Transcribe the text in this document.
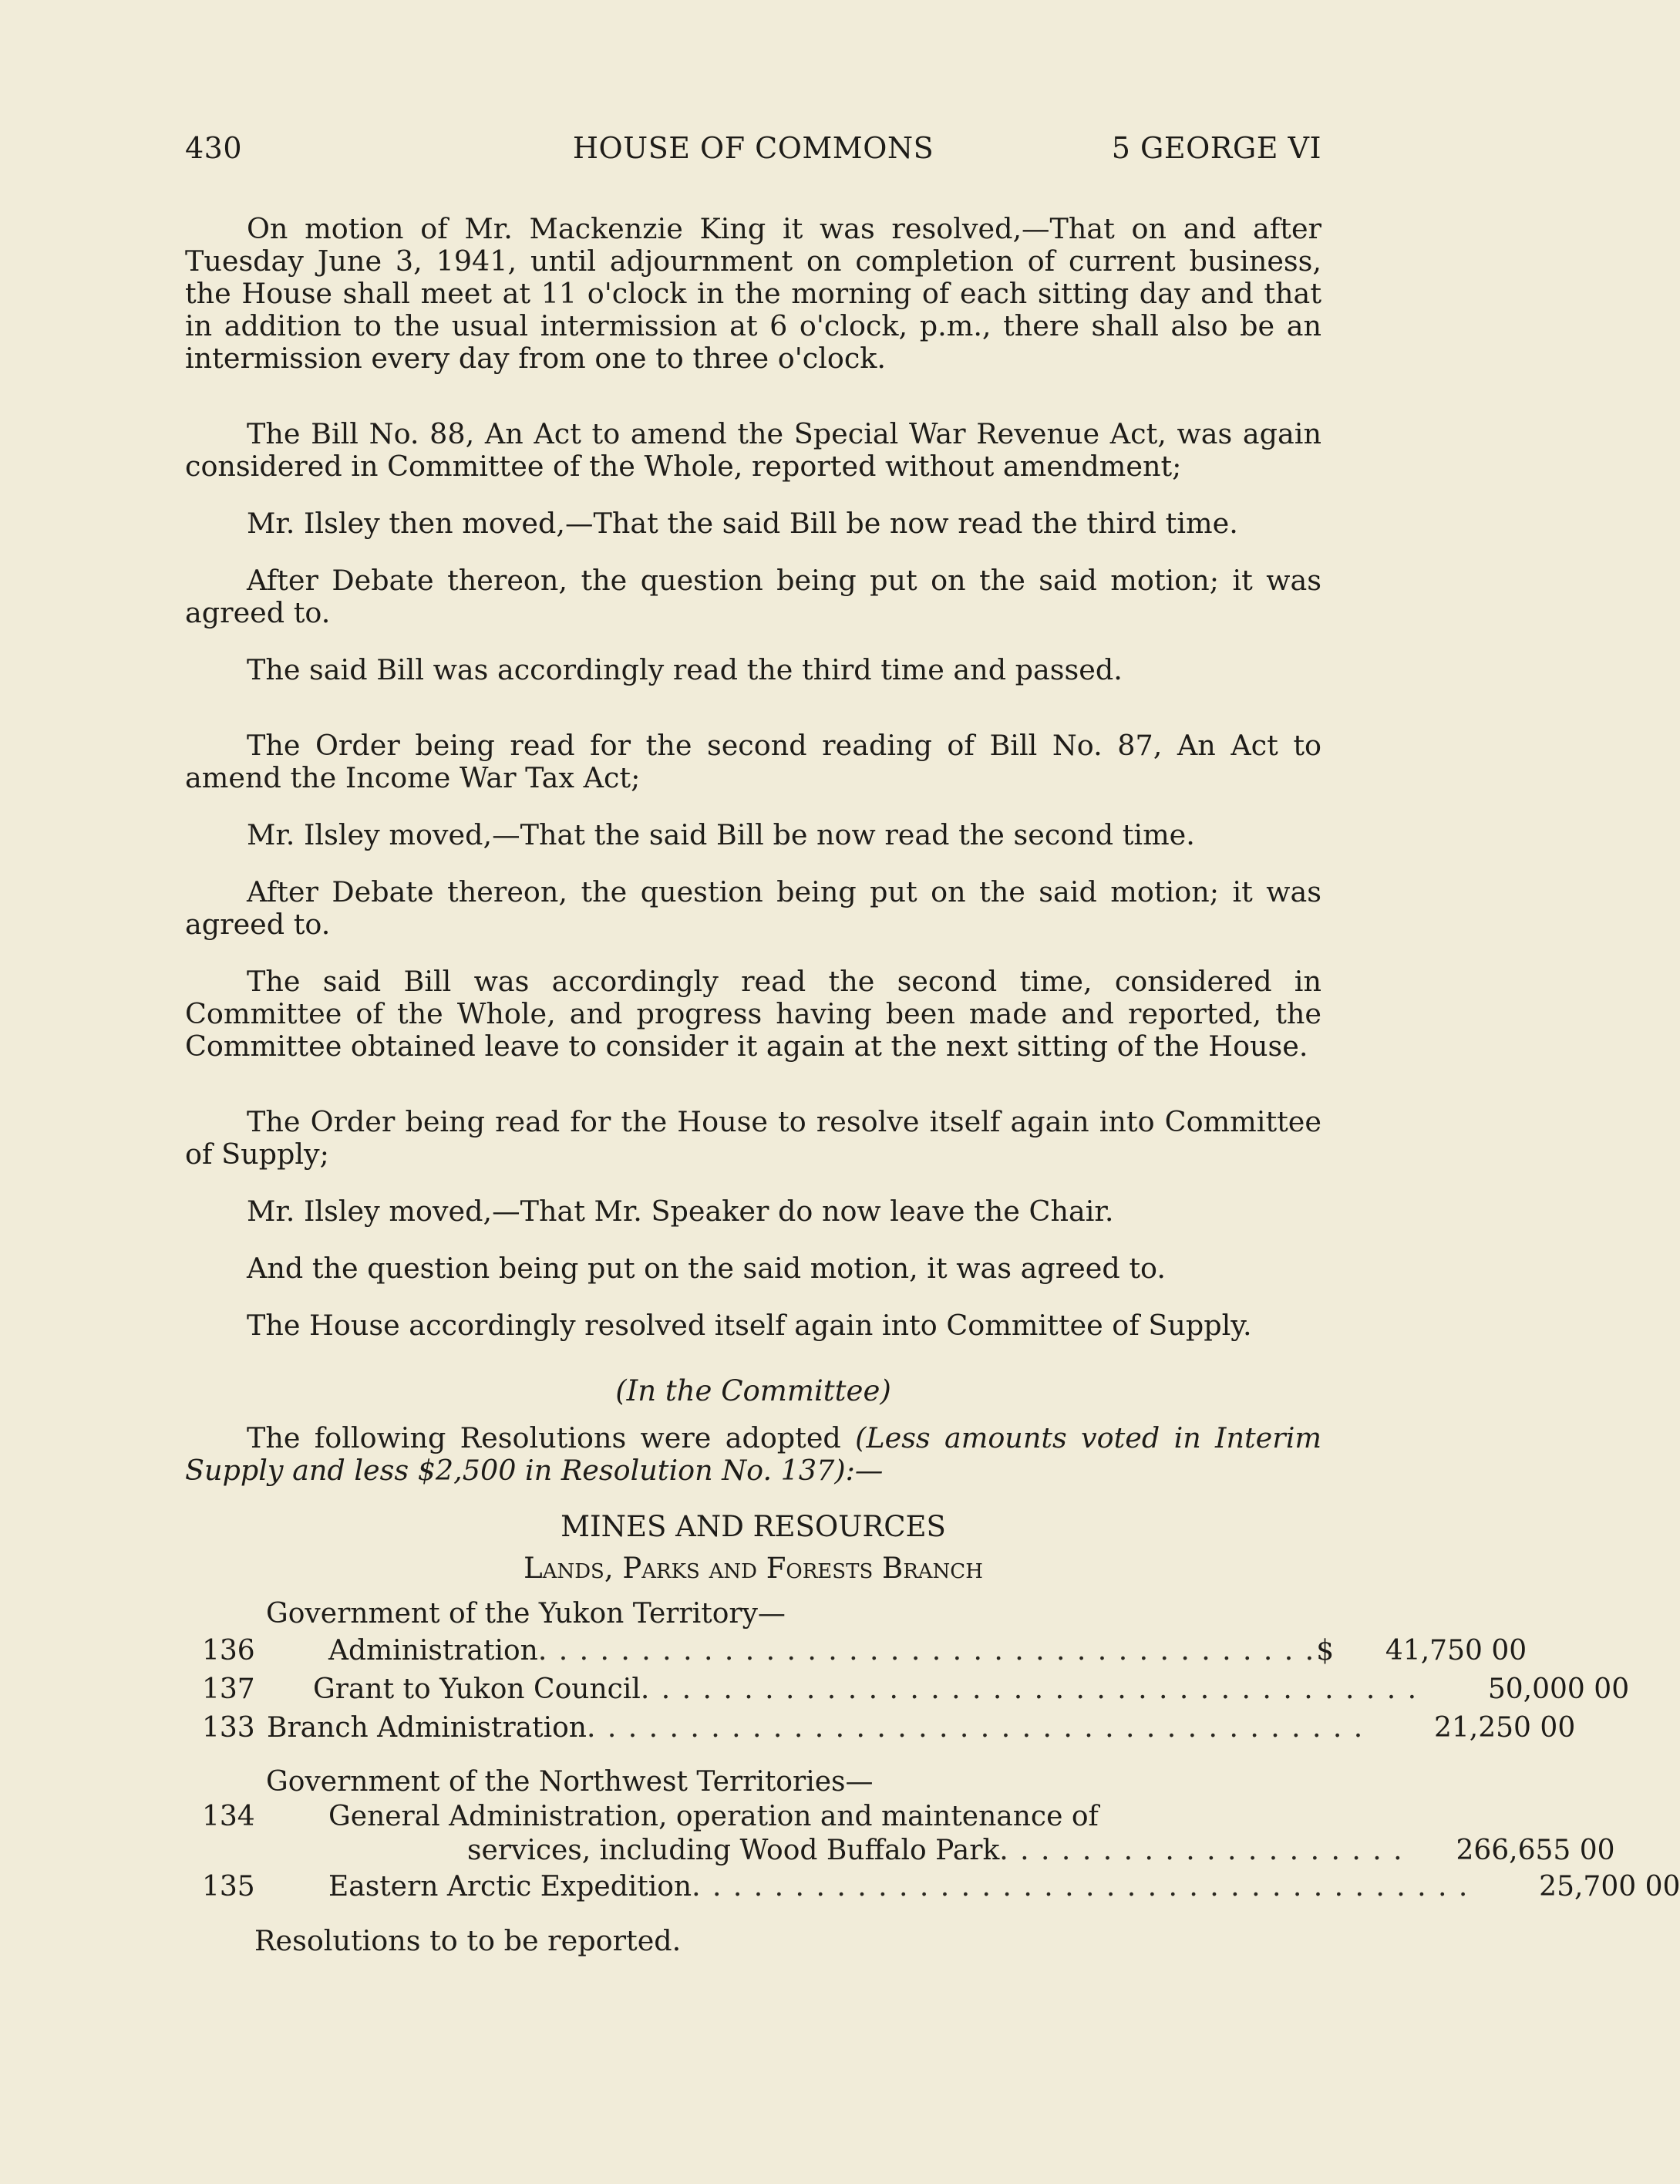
430	HOUSE OF COMMONS	5 GEORGE VI

On motion of Mr. Mackenzie King it was resolved,—That on and after Tuesday June 3, 1941, until adjournment on completion of current business, the House shall meet at 11 o'clock in the morning of each sitting day and that in addition to the usual intermission at 6 o'clock, p.m., there shall also be an intermission every day from one to three o'clock.

The Bill No. 88, An Act to amend the Special War Revenue Act, was again considered in Committee of the Whole, reported without amendment;

Mr. Ilsley then moved,—That the said Bill be now read the third time.

After Debate thereon, the question being put on the said motion; it was agreed to.

The said Bill was accordingly read the third time and passed.

The Order being read for the second reading of Bill No. 87, An Act to amend the Income War Tax Act;

Mr. Ilsley moved,—That the said Bill be now read the second time.

After Debate thereon, the question being put on the said motion; it was agreed to.

The said Bill was accordingly read the second time, considered in Committee of the Whole, and progress having been made and reported, the Committee obtained leave to consider it again at the next sitting of the House.

The Order being read for the House to resolve itself again into Committee of Supply;

Mr. Ilsley moved,—That Mr. Speaker do now leave the Chair.

And the question being put on the said motion, it was agreed to.

The House accordingly resolved itself again into Committee of Supply.

(In the Committee)

The following Resolutions were adopted (Less amounts voted in Interim Supply and less $2,500 in Resolution No. 137):—

MINES AND RESOURCES
Lands, Parks and Forests Branch
Government of the Yukon Territory—
136	Administration. . . . . . . . . . . . . . . . . . . . . . . . . . . . . . . . . . . . . . $	41,750 00
137	Grant to Yukon Council. . . . . . . . . . . . . . . . . . . . . . . . . . . . . . . . . . . . . .	50,000 00
133 Branch Administration. . . . . . . . . . . . . . . . . . . . . . . . . . . . . . . . . . . . . .	21,250 00
Government of the Northwest Territories—
134	General Administration, operation and maintenance of
services, including Wood Buffalo Park. . . . . . . . . . . . . . . . . . . .	266,655 00
135	Eastern Arctic Expedition. . . . . . . . . . . . . . . . . . . . . . . . . . . . . . . . . . . . . .	25,700 00

Resolutions to to be reported.
